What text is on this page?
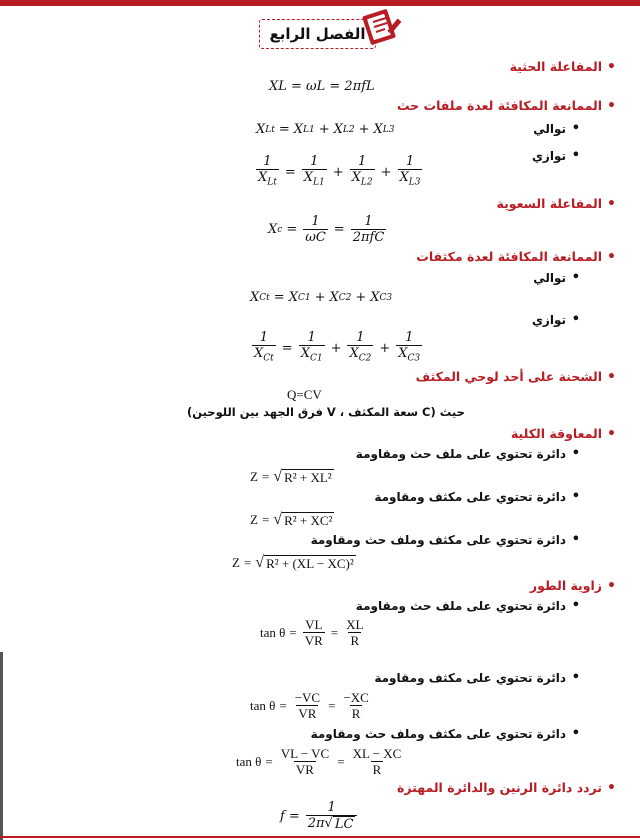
الفصل الرابع
• المفاعلة الحثية
XL = ωL = 2πfL
• الممانعة المكافئة لعدة ملفات حث
• توالي
X Lt = X L1 + X L2 + X L3
• توازي
$\frac{1}{X_{Lt}} = \frac{1}{X_{L1}} + \frac{1}{X_{L2}} + \frac{1}{X_{L3}}$
• المفاعلة السعوية
X $c = \frac{1}{\omega C} = \frac{1}{\text{2πfC}}$
• الممانعة المكافئة لعدة مكثفات
• توالي
X Ct = X C1 + X C2 + X C3
• توازي
$\frac{1}{X_{Ct}} = \frac{1}{X_{C1}} + \frac{1}{X_{C2}} + \frac{1}{X_{C3}}$
• الشحنة على أحد لوحي المكثف
Q=CV
حيث (C سعة المكثف ، V فرق الجهد بين اللوحين)
• المعاوقة الكلية
• دائرة تحتوي على ملف حث ومقاومة
Z = √ R² + XL²
• دائرة تحتوي على مكثف ومقاومة
Z = √ R² + XC²
• دائرة تحتوي على مكثف وملف حث ومقاومة
Z = √ R² + (XL − XC)²
• زاوية الطور
• دائرة تحتوي على ملف حث ومقاومة
$\tan \theta = \frac{VL}{VR} = \frac{XL}{R}$
• دائرة تحتوي على مكثف ومقاومة
$\tan \theta = \frac{-VC}{VR} = \frac{-XC}{R}$
• دائرة تحتوي على مكثف وملف حث ومقاومة
$\tan \theta = \frac{VL - VC}{VR} = \frac{XL - XC}{R}$
• تردد دائرة الرنين والدائرة المهتزة
$f = \frac{1}{2\pi √ LC}$
